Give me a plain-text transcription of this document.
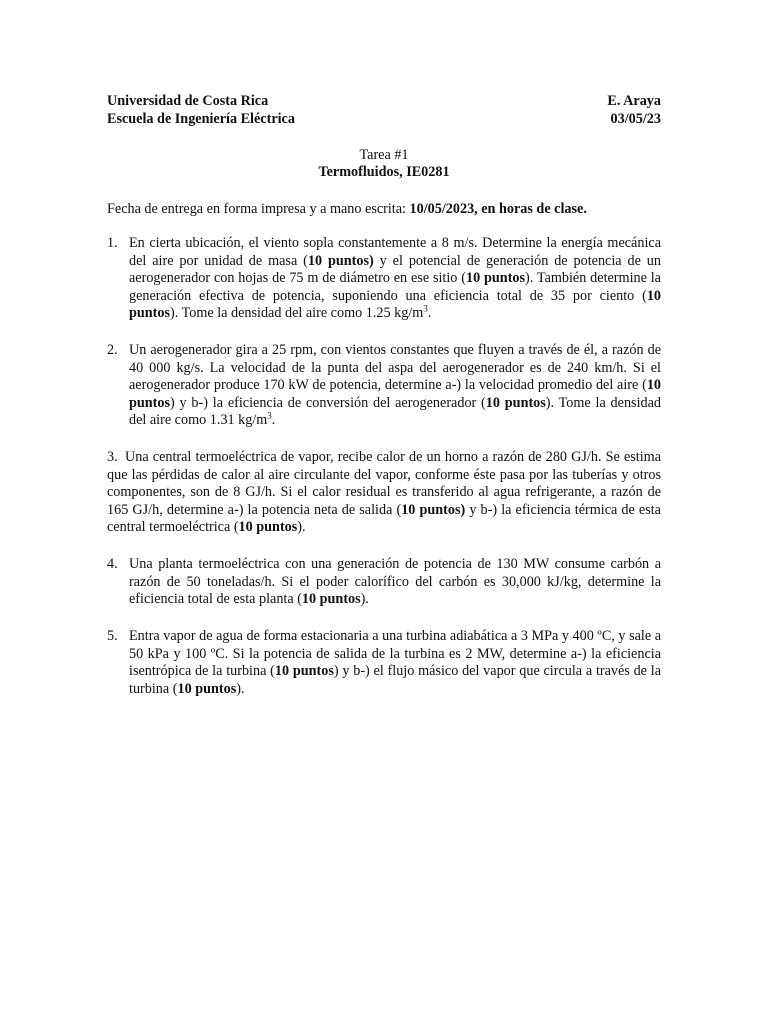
Universidad de Costa Rica	E. Araya
Escuela de Ingeniería Eléctrica	03/05/23
Tarea #1
Termofluidos, IE0281
Fecha de entrega en forma impresa y a mano escrita: 10/05/2023, en horas de clase.
1. En cierta ubicación, el viento sopla constantemente a 8 m/s. Determine la energía mecánica del aire por unidad de masa (10 puntos) y el potencial de generación de potencia de un aerogenerador con hojas de 75 m de diámetro en ese sitio (10 puntos). También determine la generación efectiva de potencia, suponiendo una eficiencia total de 35 por ciento (10 puntos). Tome la densidad del aire como 1.25 $kg/m^3$.
2. Un aerogenerador gira a 25 rpm, con vientos constantes que fluyen a través de él, a razón de 40 000 kg/s. La velocidad de la punta del aspa del aerogenerador es de 240 km/h. Si el aerogenerador produce 170 kW de potencia, determine a-) la velocidad promedio del aire (10 puntos) y b-) la eficiencia de conversión del aerogenerador (10 puntos). Tome la densidad del aire como 1.31 $kg/m^3$.
3. Una central termoeléctrica de vapor, recibe calor de un horno a razón de 280 GJ/h. Se estima que las pérdidas de calor al aire circulante del vapor, conforme éste pasa por las tuberías y otros componentes, son de 8 GJ/h. Si el calor residual es transferido al agua refrigerante, a razón de 165 GJ/h, determine a-) la potencia neta de salida (10 puntos) y b-) la eficiencia térmica de esta central termoeléctrica (10 puntos).
4. Una planta termoeléctrica con una generación de potencia de 130 MW consume carbón a razón de 50 toneladas/h. Si el poder calorífico del carbón es 30,000 kJ/kg, determine la eficiencia total de esta planta (10 puntos).
5. Entra vapor de agua de forma estacionaria a una turbina adiabática a 3 MPa y 400 ºC, y sale a 50 kPa y 100 ºC. Si la potencia de salida de la turbina es 2 MW, determine a-) la eficiencia isentrópica de la turbina (10 puntos) y b-) el flujo másico del vapor que circula a través de la turbina (10 puntos).
